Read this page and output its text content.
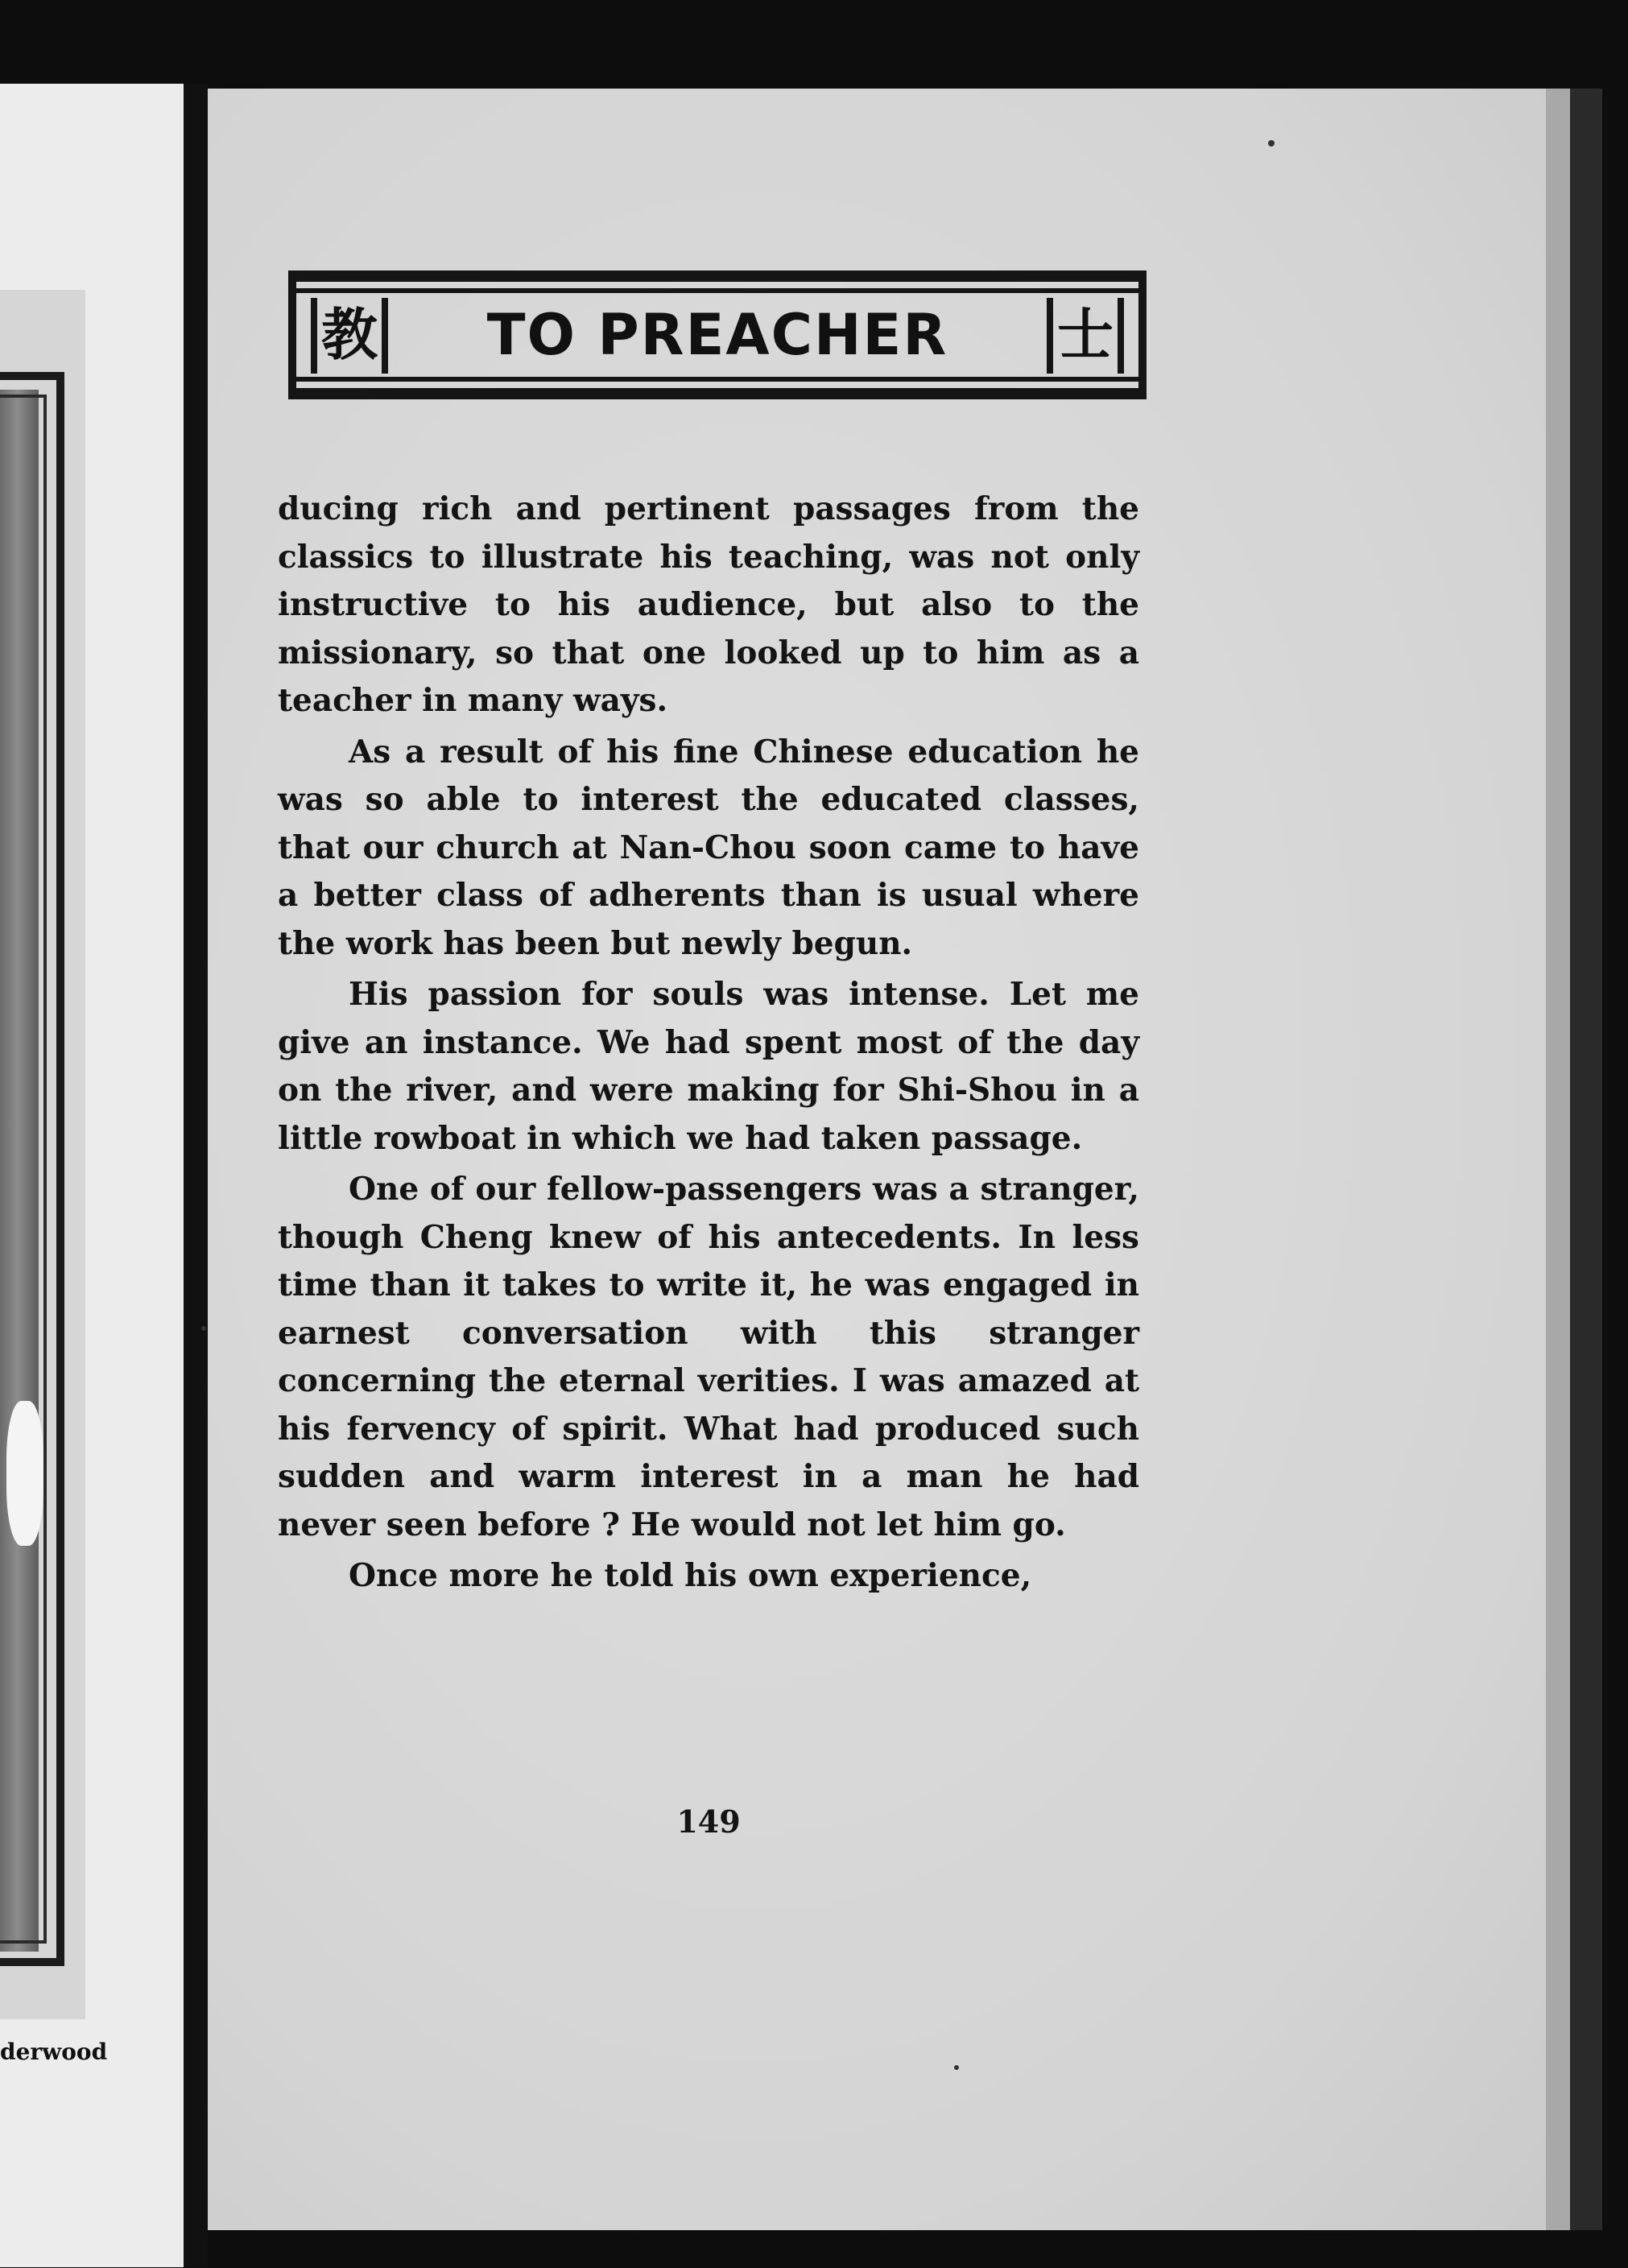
derwood
教	TO PREACHER	士

ducing rich and pertinent passages from the classics to illustrate his teaching, was not only instructive to his audience, but also to the missionary, so that one looked up to him as a teacher in many ways.

As a result of his fine Chinese education he was so able to interest the educated classes, that our church at Nan-Chou soon came to have a better class of adherents than is usual where the work has been but newly begun.

His passion for souls was intense. Let me give an instance. We had spent most of the day on the river, and were making for Shi-Shou in a little rowboat in which we had taken passage.

One of our fellow-passengers was a stranger, though Cheng knew of his antecedents. In less time than it takes to write it, he was engaged in earnest conversation with this stranger concerning the eternal verities. I was amazed at his fervency of spirit. What had produced such sudden and warm interest in a man he had never seen before ? He would not let him go.

Once more he told his own experience,

149
